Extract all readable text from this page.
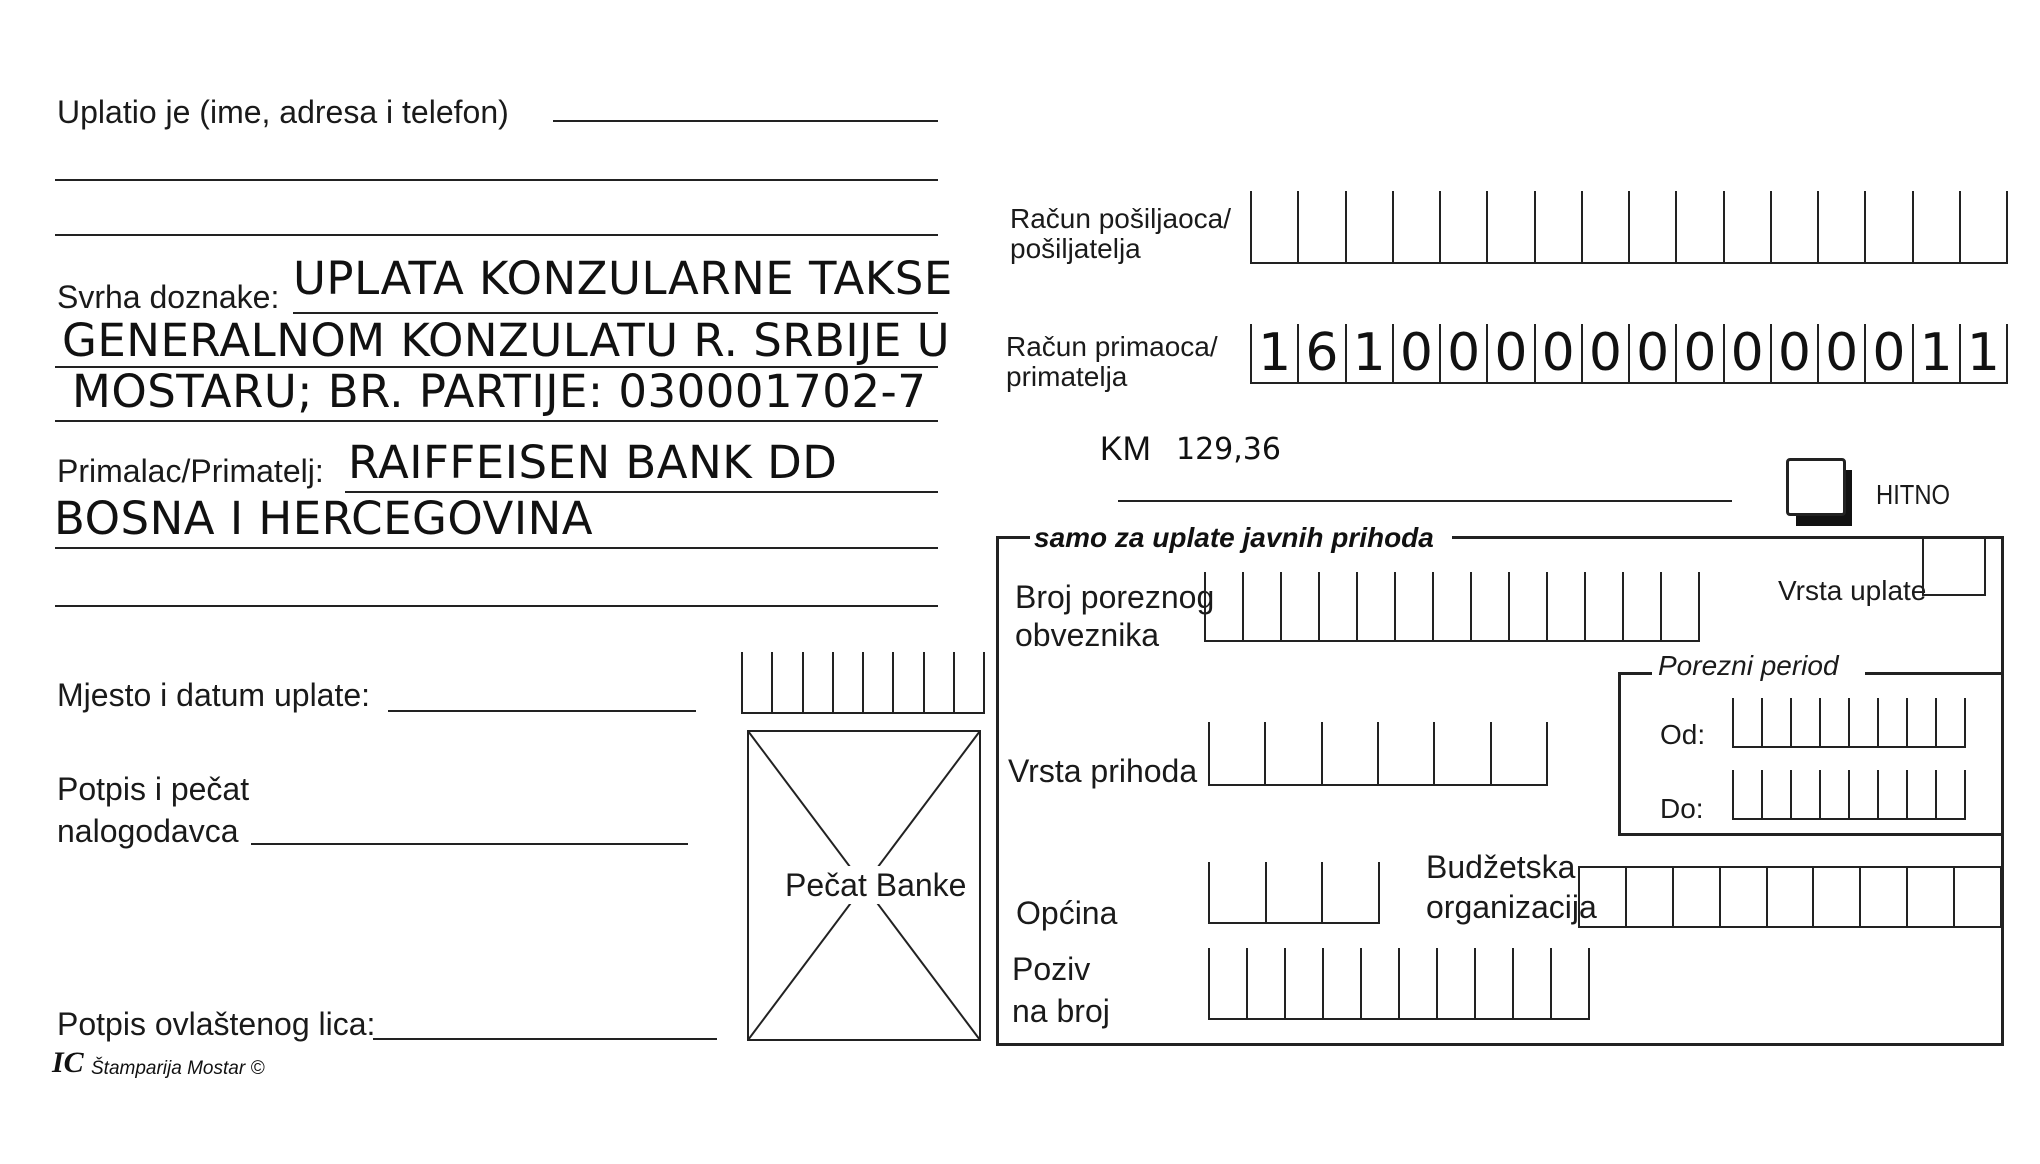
Uplatio je (ime, adresa i telefon)
Svrha doznake: UPLATA KONZULARNE TAKSE
GENERALNOM KONZULATU R. SRBIJE U
MOSTARU; BR. PARTIJE: 030001702-7
Primalac/Primatelj: RAIFFEISEN BANK DD
BOSNA I HERCEGOVINA
Mjesto i datum uplate:
Potpis i pečat
nalogodavca
Pečat Banke
Potpis ovlaštenog lica:
IC Štamparija Mostar ©
Račun pošiljaoca/
pošiljatelja
Račun primaoca/
primatelja	1 6 1 0 0 0 0 0 0 0 0 0 0 0 1 1
KM 129,36
HITNO
samo za uplate javnih prihoda
Broj poreznog
obveznika
Vrsta uplate
Porezni period
Od:
Do:
Vrsta prihoda
Budžetska
organizacija
Općina
Poziv
na broj
